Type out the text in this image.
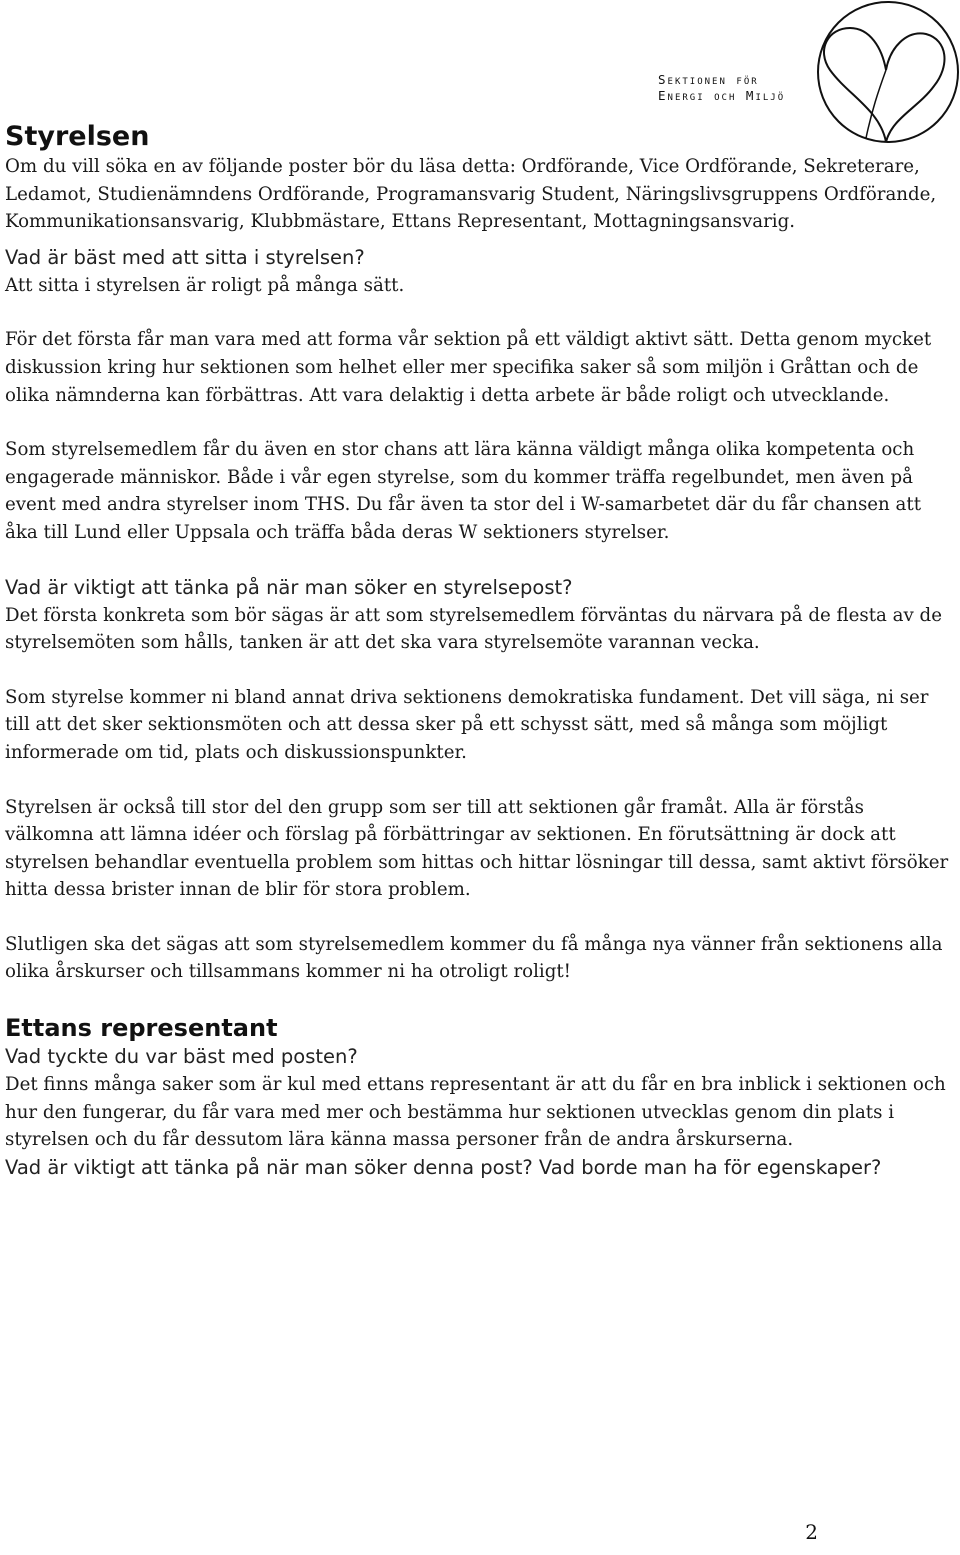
Sektionen för
Energi och Miljö
Styrelsen

Om du vill söka en av följande poster bör du läsa detta: Ordförande, Vice Ordförande, Sekreterare, Ledamot, Studienämndens Ordförande, Programansvarig Student, Näringslivsgruppens Ordförande, Kommunikationsansvarig, Klubbmästare, Ettans Representant, Mottagningsansvarig.

Vad är bäst med att sitta i styrelsen?

Att sitta i styrelsen är roligt på många sätt.

För det första får man vara med att forma vår sektion på ett väldigt aktivt sätt. Detta genom mycket diskussion kring hur sektionen som helhet eller mer specifika saker så som miljön i Gråttan och de olika nämnderna kan förbättras. Att vara delaktig i detta arbete är både roligt och utvecklande.

Som styrelsemedlem får du även en stor chans att lära känna väldigt många olika kompetenta och engagerade människor. Både i vår egen styrelse, som du kommer träffa regelbundet, men även på event med andra styrelser inom THS. Du får även ta stor del i W-samarbetet där du får chansen att åka till Lund eller Uppsala och träffa båda deras W sektioners styrelser.

Vad är viktigt att tänka på när man söker en styrelsepost?

Det första konkreta som bör sägas är att som styrelsemedlem förväntas du närvara på de flesta av de styrelsemöten som hålls, tanken är att det ska vara styrelsemöte varannan vecka.

Som styrelse kommer ni bland annat driva sektionens demokratiska fundament. Det vill säga, ni ser till att det sker sektionsmöten och att dessa sker på ett schysst sätt, med så många som möjligt informerade om tid, plats och diskussionspunkter.

Styrelsen är också till stor del den grupp som ser till att sektionen går framåt. Alla är förstås välkomna att lämna idéer och förslag på förbättringar av sektionen. En förutsättning är dock att styrelsen behandlar eventuella problem som hittas och hittar lösningar till dessa, samt aktivt försöker hitta dessa brister innan de blir för stora problem.

Slutligen ska det sägas att som styrelsemedlem kommer du få många nya vänner från sektionens alla olika årskurser och tillsammans kommer ni ha otroligt roligt!

Ettans representant
Vad tyckte du var bäst med posten?

Det finns många saker som är kul med ettans representant är att du får en bra inblick i sektionen och hur den fungerar, du får vara med mer och bestämma hur sektionen utvecklas genom din plats i styrelsen och du får dessutom lära känna massa personer från de andra årskurserna.

Vad är viktigt att tänka på när man söker denna post? Vad borde man ha för egenskaper?
2
